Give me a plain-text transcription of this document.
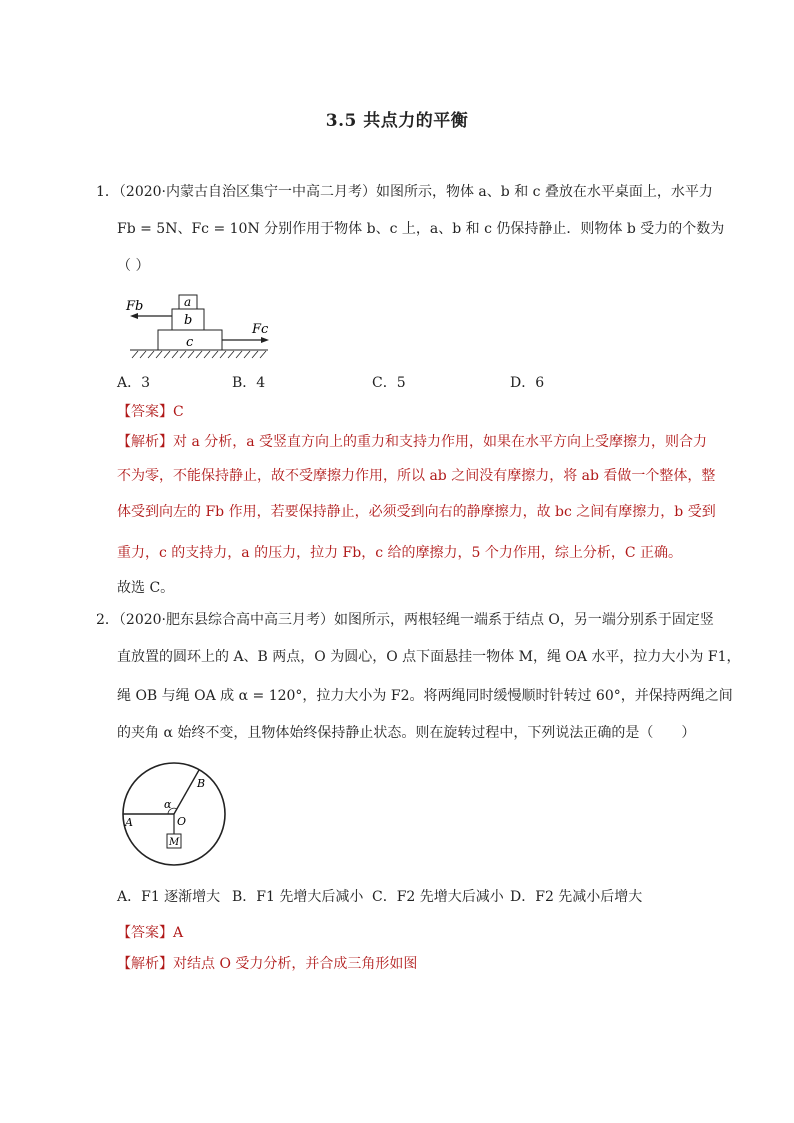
3.5 共点力的平衡
1．（2020·内蒙古自治区集宁一中高二月考）如图所示，物体 a、b 和 c 叠放在水平桌面上，水平力
Fb = 5N、Fc = 10N 分别作用于物体 b、c 上，a、b 和 c 仍保持静止．则物体 b 受力的个数为
（ ）
a
b
c
Fb
Fc
A．3	B．4	C．5	D．6
【答案】C
【解析】对 a 分析，a 受竖直方向上的重力和支持力作用，如果在水平方向上受摩擦力，则合力
不为零，不能保持静止，故不受摩擦力作用，所以 ab 之间没有摩擦力，将 ab 看做一个整体，整
体受到向左的 Fb 作用，若要保持静止，必须受到向右的静摩擦力，故 bc 之间有摩擦力，b 受到
重力，c 的支持力，a 的压力，拉力 Fb，c 给的摩擦力，5 个力作用，综上分析，C 正确。
故选 C。
2．（2020·肥东县综合高中高三月考）如图所示，两根轻绳一端系于结点 O，另一端分别系于固定竖
直放置的圆环上的 A、B 两点，O 为圆心，O 点下面悬挂一物体 M，绳 OA 水平，拉力大小为 F1，
绳 OB 与绳 OA 成 α = 120°，拉力大小为 F2。将两绳同时缓慢顺时针转过 60°，并保持两绳之间
的夹角 α 始终不变，且物体始终保持静止状态。则在旋转过程中，下列说法正确的是（　　）
M
α
O
A
B
A．F1 逐渐增大 B．F1 先增大后减小 C．F2 先增大后减小 D．F2 先减小后增大
【答案】A
【解析】对结点 O 受力分析，并合成三角形如图
